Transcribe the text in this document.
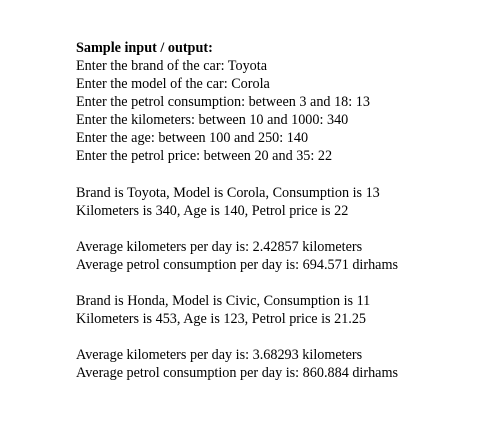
Sample input / output:

Enter the brand of the car: Toyota

Enter the model of the car: Corola

Enter the petrol consumption: between 3 and 18: 13

Enter the kilometers: between 10 and 1000: 340

Enter the age: between 100 and 250: 140

Enter the petrol price: between 20 and 35: 22

Brand is Toyota, Model is Corola, Consumption is 13

Kilometers is 340, Age is 140, Petrol price is 22

Average kilometers per day is: 2.42857 kilometers

Average petrol consumption per day is: 694.571 dirhams

Brand is Honda, Model is Civic, Consumption is 11

Kilometers is 453, Age is 123, Petrol price is 21.25

Average kilometers per day is: 3.68293 kilometers

Average petrol consumption per day is: 860.884 dirhams
